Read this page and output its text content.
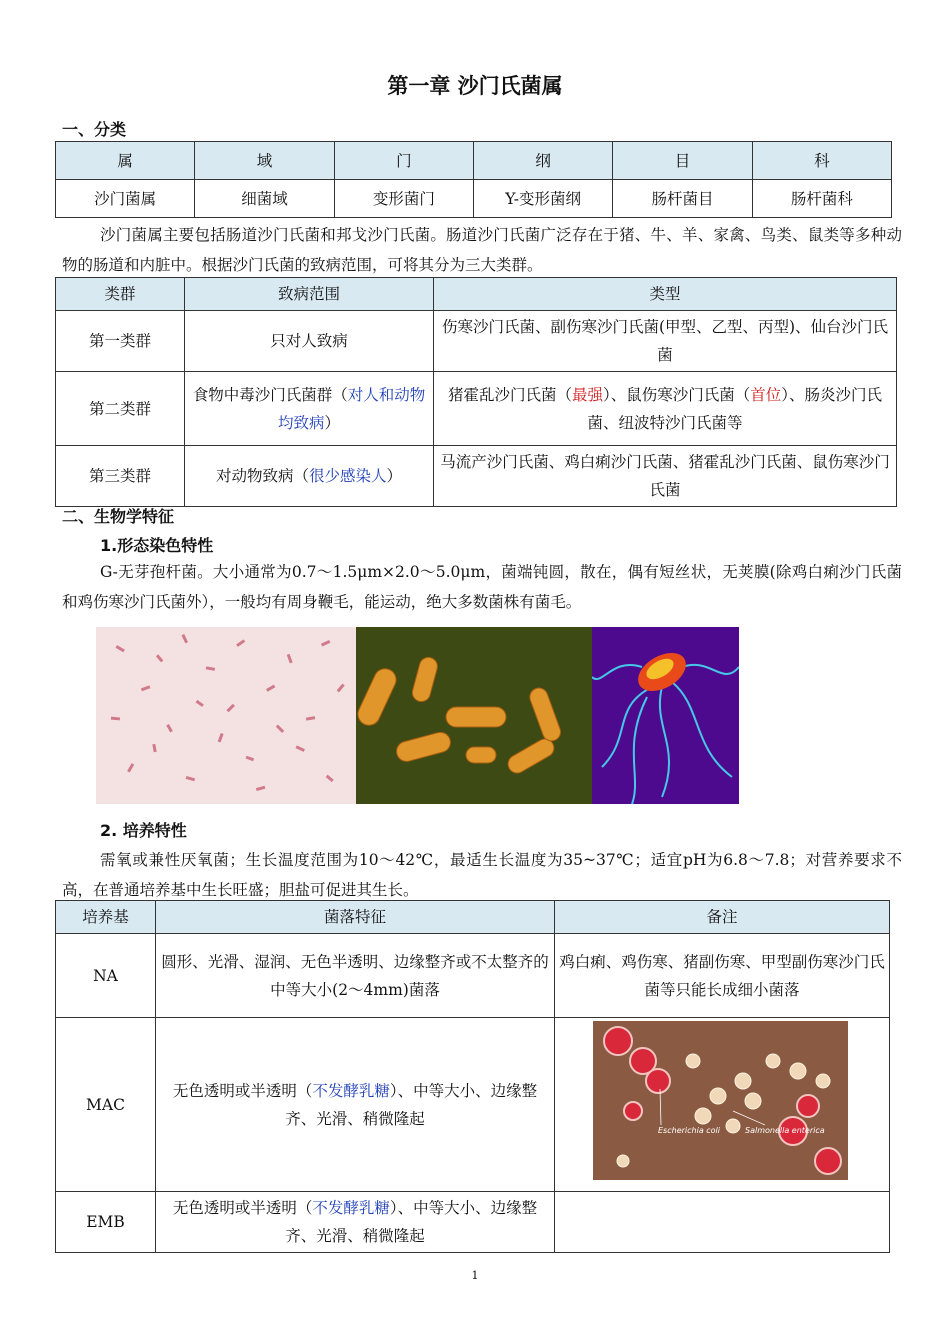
第一章 沙门氏菌属
一、分类
属	域	门	纲	目	科
沙门菌属	细菌域	变形菌门	Y-变形菌纲	肠杆菌目	肠杆菌科
沙门菌属主要包括肠道沙门氏菌和邦戈沙门氏菌。肠道沙门氏菌广泛存在于猪、牛、羊、家禽、鸟类、鼠类等多种动物的肠道和内脏中。根据沙门氏菌的致病范围，可将其分为三大类群。
类群	致病范围	类型
第一类群	只对人致病	伤寒沙门氏菌、副伤寒沙门氏菌(甲型、乙型、丙型)、仙台沙门氏菌
第二类群	食物中毒沙门氏菌群（对人和动物均致病）	猪霍乱沙门氏菌（最强）、鼠伤寒沙门氏菌（首位）、肠炎沙门氏菌、纽波特沙门氏菌等
第三类群	对动物致病（很少感染人）	马流产沙门氏菌、鸡白痢沙门氏菌、猪霍乱沙门氏菌、鼠伤寒沙门氏菌
二、生物学特征
1.形态染色特性
G-无芽孢杆菌。大小通常为0.7～1.5μm×2.0～5.0μm，菌端钝圆，散在，偶有短丝状，无荚膜(除鸡白痢沙门氏菌和鸡伤寒沙门氏菌外），一般均有周身鞭毛，能运动，绝大多数菌株有菌毛。
2. 培养特性
需氧或兼性厌氧菌；生长温度范围为10～42℃，最适生长温度为35~37℃；适宜pH为6.8～7.8；对营养要求不高，在普通培养基中生长旺盛；胆盐可促进其生长。
培养基	菌落特征	备注
NA	圆形、光滑、湿润、无色半透明、边缘整齐或不太整齐的中等大小(2～4mm)菌落	鸡白痢、鸡伤寒、猪副伤寒、甲型副伤寒沙门氏菌等只能长成细小菌落
MAC	无色透明或半透明（不发酵乳糖）、中等大小、边缘整齐、光滑、稍微隆起	
EMB	无色透明或半透明（不发酵乳糖）、中等大小、边缘整齐、光滑、稍微隆起	
Escherichia coli	Salmonella enterica
1
